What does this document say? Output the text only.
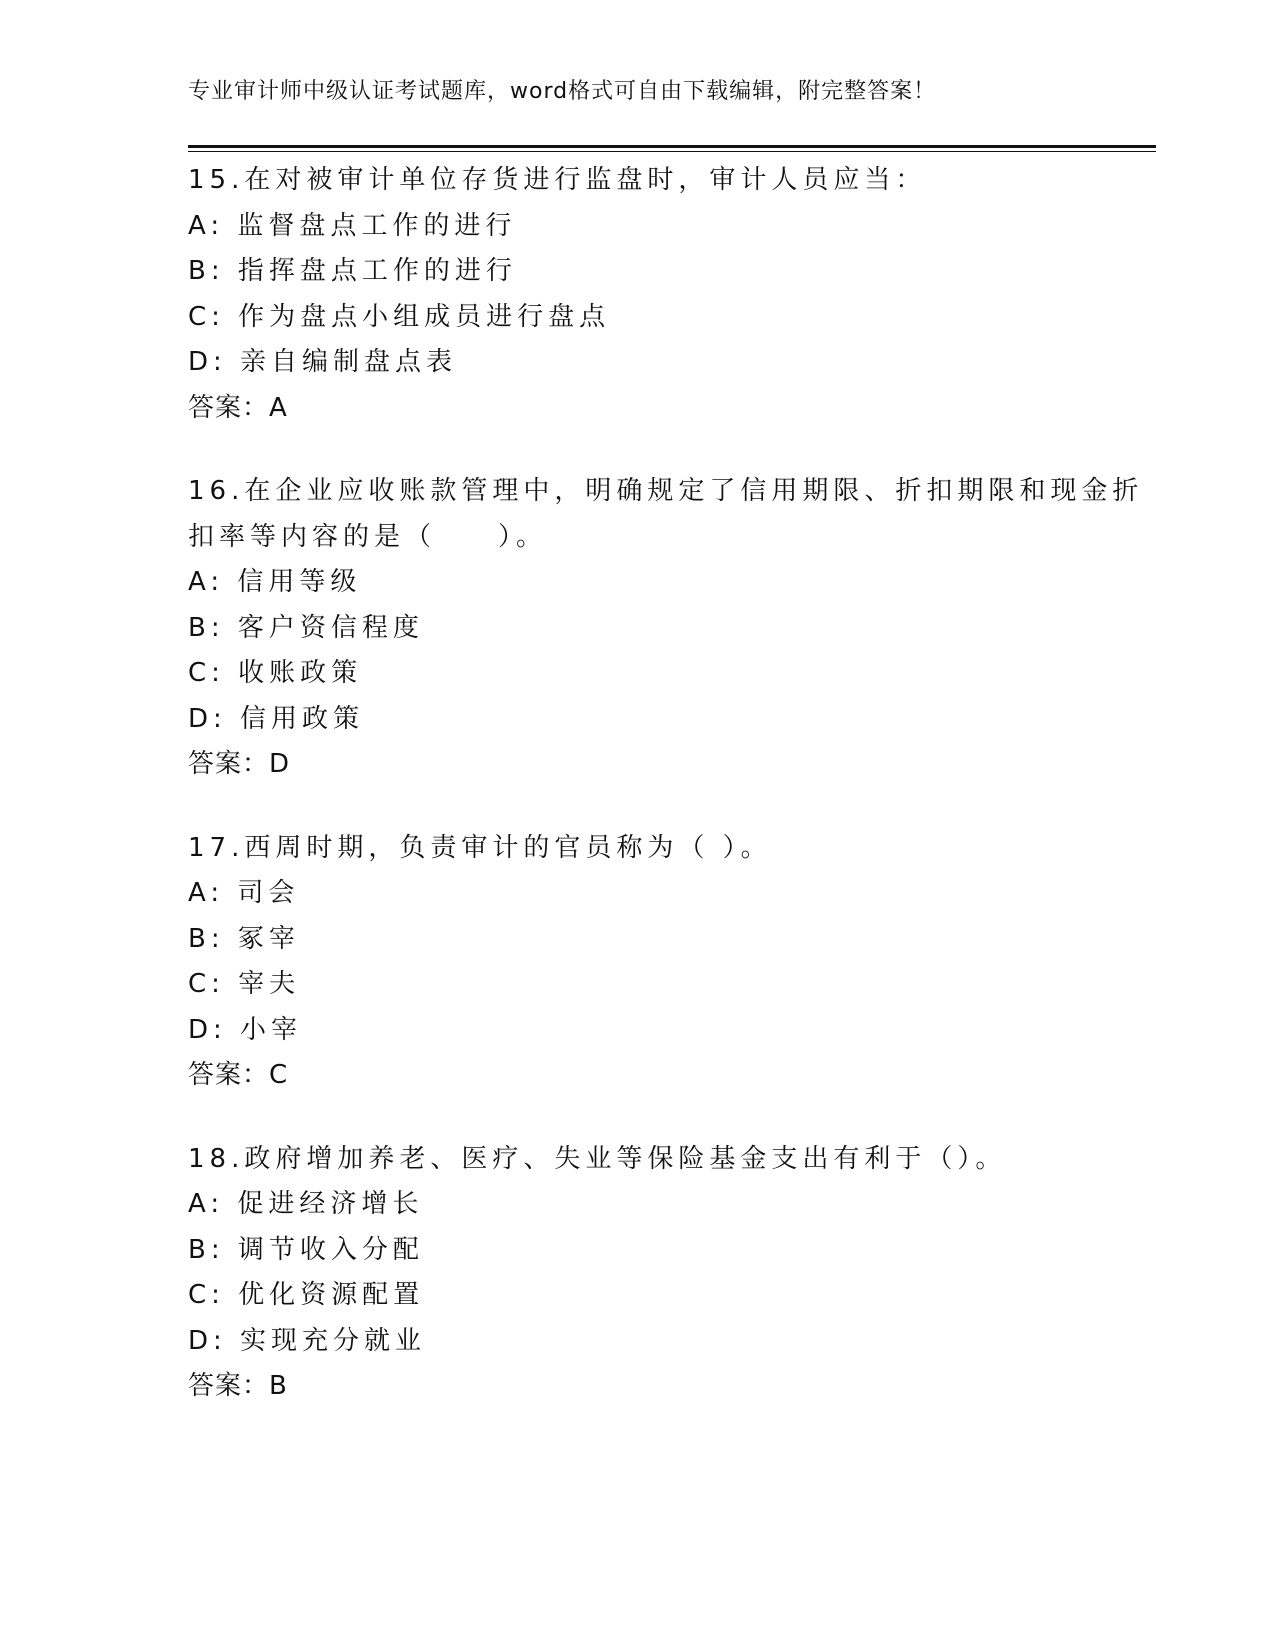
专业审计师中级认证考试题库，word格式可自由下载编辑，附完整答案！
15.在对被审计单位存货进行监盘时，审计人员应当：
A: 监督盘点工作的进行
B: 指挥盘点工作的进行
C: 作为盘点小组成员进行盘点
D: 亲自编制盘点表
答案：A
16.在企业应收账款管理中，明确规定了信用期限、折扣期限和现金折
扣率等内容的是（　　）。
A: 信用等级
B: 客户资信程度
C: 收账政策
D: 信用政策
答案：D
17.西周时期，负责审计的官员称为（ ）。
A: 司会
B: 冢宰
C: 宰夫
D: 小宰
答案：C
18.政府增加养老、医疗、失业等保险基金支出有利于（）。
A: 促进经济增长
B: 调节收入分配
C: 优化资源配置
D: 实现充分就业
答案：B
